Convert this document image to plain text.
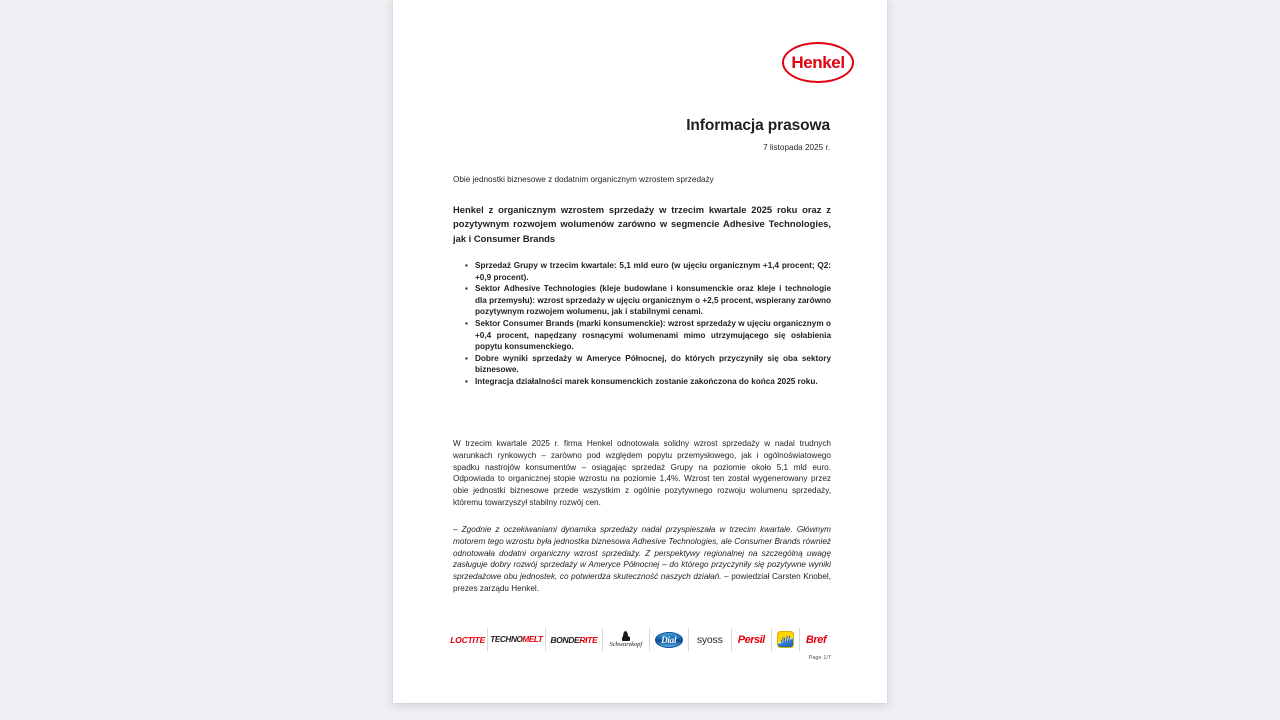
Henkel
Informacja prasowa
7 listopada 2025 r.
Obie jednostki biznesowe z dodatnim organicznym wzrostem sprzedaży
Henkel z organicznym wzrostem sprzedaży w trzecim kwartale 2025 roku oraz z pozytywnym rozwojem wolumenów zarówno w segmencie Adhesive Technologies, jak i Consumer Brands
▪ Sprzedaż Grupy w trzecim kwartale: 5,1 mld euro (w ujęciu organicznym +1,4 procent; Q2: +0,9 procent).
▪ Sektor Adhesive Technologies (kleje budowlane i konsumenckie oraz kleje i technologie dla przemysłu): wzrost sprzedaży w ujęciu organicznym o +2,5 procent, wspierany zarówno pozytywnym rozwojem wolumenu, jak i stabilnymi cenami.
▪ Sektor Consumer Brands (marki konsumenckie): wzrost sprzedaży w ujęciu organicznym o +0,4 procent, napędzany rosnącymi wolumenami mimo utrzymującego się osłabienia popytu konsumenckiego.
▪ Dobre wyniki sprzedaży w Ameryce Północnej, do których przyczyniły się oba sektory biznesowe.
▪ Integracja działalności marek konsumenckich zostanie zakończona do końca 2025 roku.
W trzecim kwartale 2025 r. firma Henkel odnotowała solidny wzrost sprzedaży w nadal trudnych warunkach rynkowych – zarówno pod względem popytu przemysłowego, jak i ogólnoświatowego spadku nastrojów konsumentów – osiągając sprzedaż Grupy na poziomie około 5,1 mld euro. Odpowiada to organicznej stopie wzrostu na poziomie 1,4%. Wzrost ten został wygenerowany przez obie jednostki biznesowe przede wszystkim z ogólnie pozytywnego rozwoju wolumenu sprzedaży, któremu towarzyszył stabilny rozwój cen.
– Zgodnie z oczekiwaniami dynamika sprzedaży nadal przyspieszała w trzecim kwartale. Głównym motorem tego wzrostu była jednostka biznesowa Adhesive Technologies, ale Consumer Brands również odnotowała dodatni organiczny wzrost sprzedaży. Z perspektywy regionalnej na szczególną uwagę zasługuje dobry rozwój sprzedaży w Ameryce Północnej – do którego przyczyniły się pozytywne wyniki sprzedażowe obu jednostek, co potwierdza skuteczność naszych działań. – powiedział Carsten Knobel, prezes zarządu Henkel.
LOCTITE TECHNO MELT BONDE RITE Schwarzkopf Dial syoss Persil all Bref
Page 1/7
